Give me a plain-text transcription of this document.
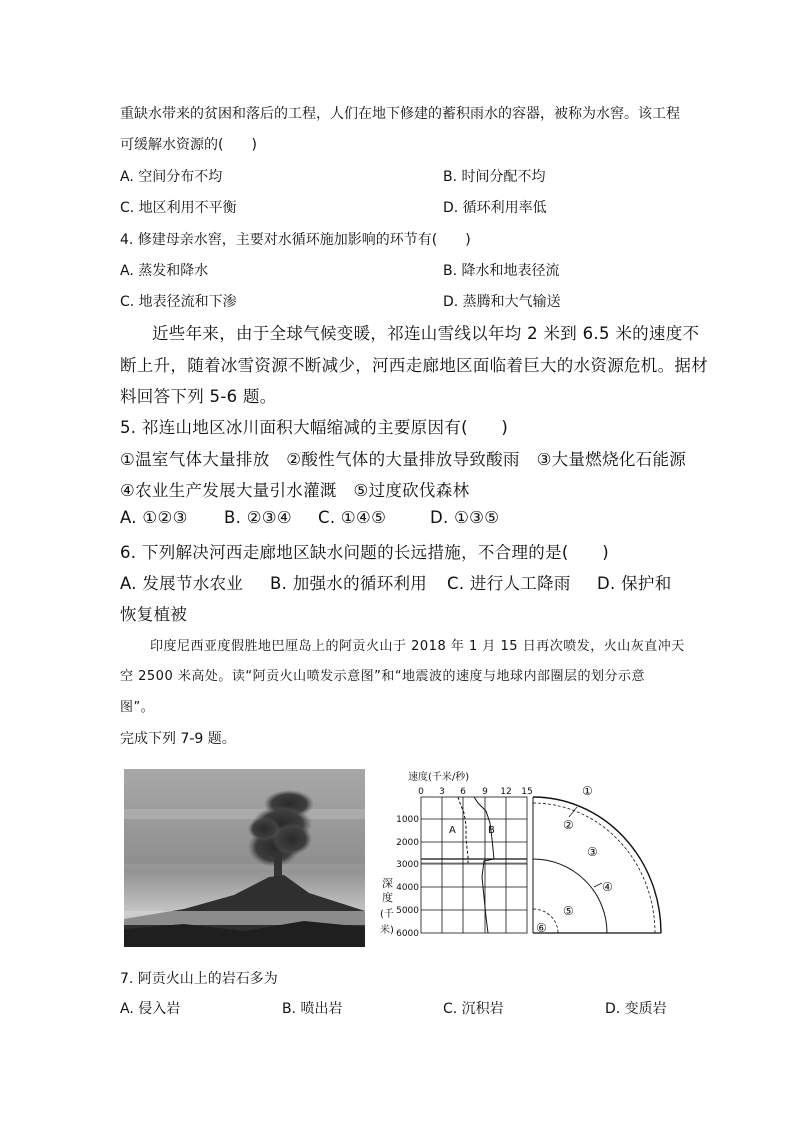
重缺水带来的贫困和落后的工程，人们在地下修建的蓄积雨水的容器，被称为水窖。该工程
可缓解水资源的(　　)
A. 空间分布不均	B. 时间分配不均
C. 地区利用不平衡	D. 循环利用率低
4. 修建母亲水窖，主要对水循环施加影响的环节有(　　)
A. 蒸发和降水	B. 降水和地表径流
C. 地表径流和下渗	D. 蒸腾和大气输送
近些年来，由于全球气候变暖，祁连山雪线以年均 2 米到 6.5 米的速度不
断上升，随着冰雪资源不断减少，河西走廊地区面临着巨大的水资源危机。据材
料回答下列 5-6 题。
5. 祁连山地区冰川面积大幅缩减的主要原因有(　　)
①温室气体大量排放　②酸性气体的大量排放导致酸雨　③大量燃烧化石能源
④农业生产发展大量引水灌溉　⑤过度砍伐森林
A. ①②③ B. ②③④ C. ①④⑤	D. ①③⑤
6. 下列解决河西走廊地区缺水问题的长远措施，不合理的是(　　)
A. 发展节水农业 B. 加强水的循环利用 C. 进行人工降雨 D. 保护和
恢复植被
印度尼西亚度假胜地巴厘岛上的阿贡火山于 2018 年 1 月 15 日再次喷发，火山灰直冲天
空 2500 米高处。读“阿贡火山喷发示意图”和“地震波的速度与地球内部圈层的划分示意
图”。
完成下列 7-9 题。
速度(千米/秒)
0 3 6 9 12 15
1000
2000
3000
4000
5000
6000
深
度
(千
米)
A	B
①
②
③
④
⑤
⑥
7. 阿贡火山上的岩石多为
A. 侵入岩	B. 喷出岩	C. 沉积岩	D. 变质岩
